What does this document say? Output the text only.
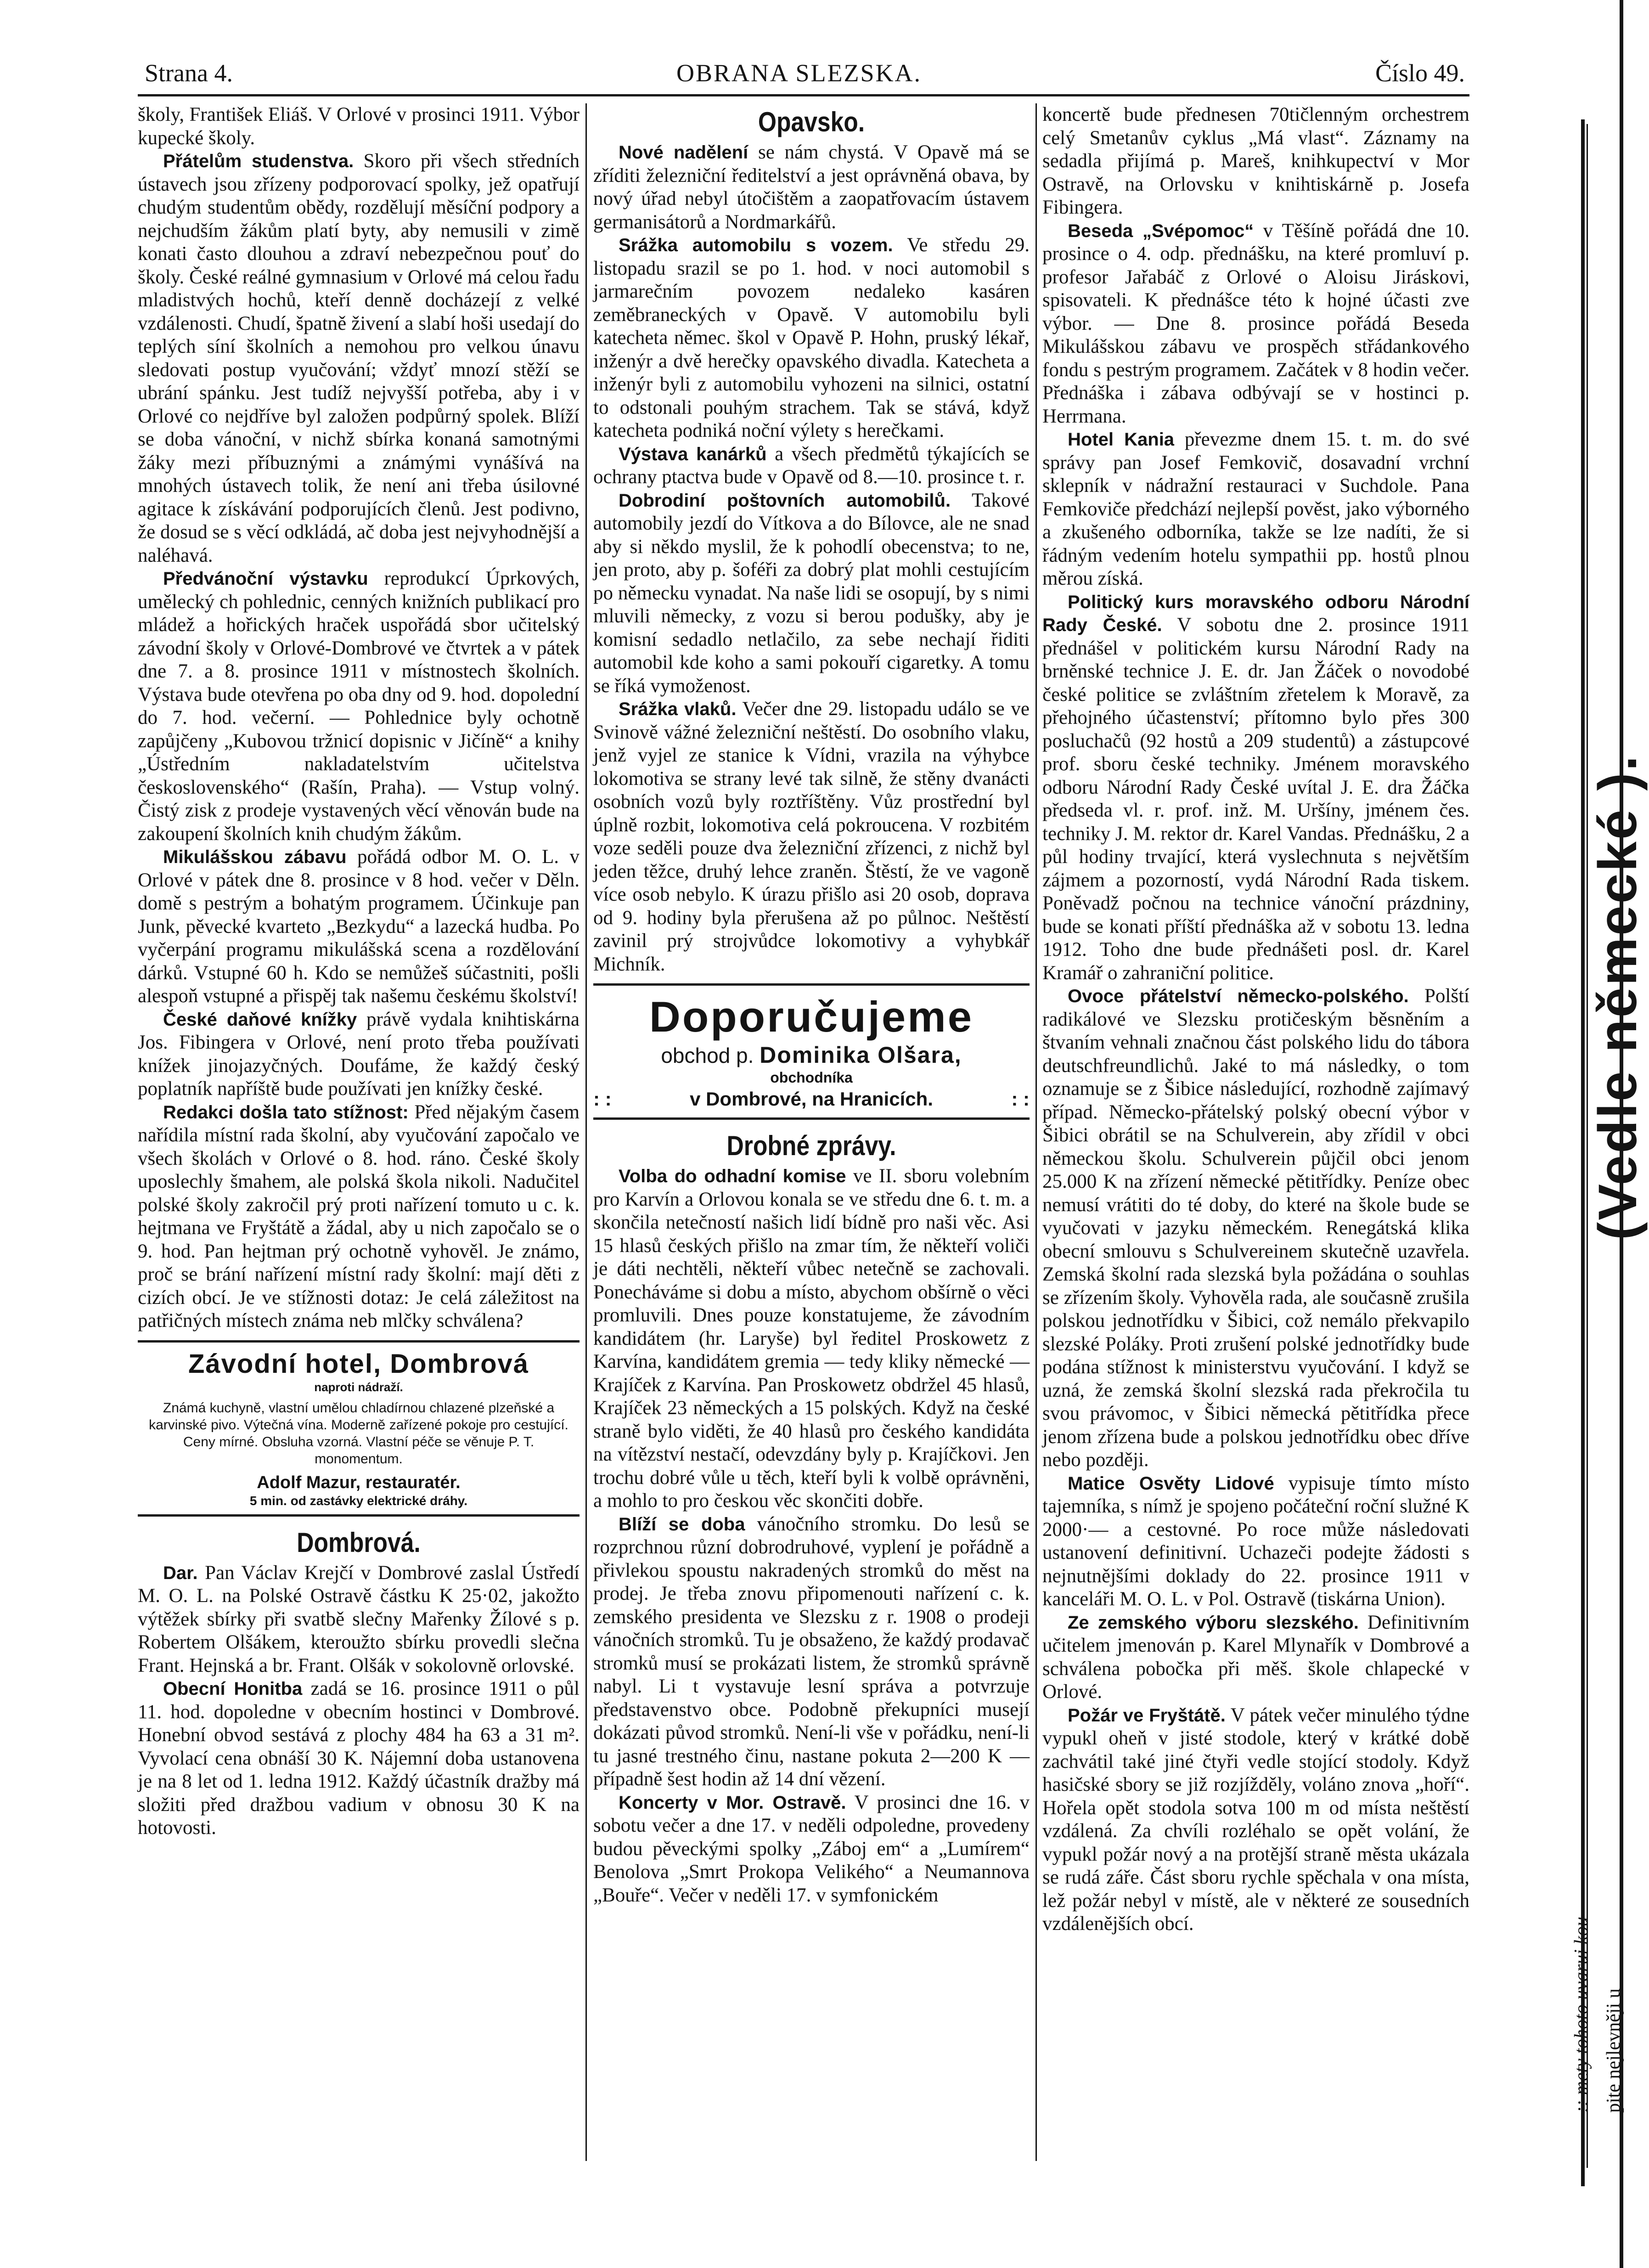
Strana 4.	OBRANA SLEZSKA.	Číslo 49.

školy, František Eliáš. V Orlové v prosinci 1911. Výbor kupecké školy.

Přátelům studenstva. Skoro při všech středních ústavech jsou zřízeny podporovací spolky, jež opatřují chudým studentům obědy, rozdělují měsíční podpory a nejchudším žákům platí byty, aby nemusili v zimě konati často dlouhou a zdraví nebezpečnou pouť do školy. České reálné gymnasium v Orlové má celou řadu mladistvých hochů, kteří denně docházejí z velké vzdálenosti. Chudí, špatně živení a slabí hoši usedají do teplých síní školních a nemohou pro velkou únavu sledovati postup vyučování; vždyť mnozí stěží se ubrání spánku. Jest tudíž nejvyšší potřeba, aby i v Orlové co nejdříve byl založen podpůrný spolek. Blíží se doba vánoční, v nichž sbírka konaná samotnými žáky mezi příbuznými a známými vynášívá na mnohých ústavech tolik, že není ani třeba úsilovné agitace k získávání podporujících členů. Jest podivno, že dosud se s věcí odkládá, ač doba jest nejvyhodnější a naléhavá.

Předvánoční výstavku reprodukcí Úprkových, umělecký ch pohlednic, cenných knižních publikací pro mládež a hořických hraček uspořádá sbor učitelský závodní školy v Orlové-Dombrové ve čtvrtek a v pátek dne 7. a 8. prosince 1911 v místnostech školních. Výstava bude otevřena po oba dny od 9. hod. dopolední do 7. hod. večerní. — Pohlednice byly ochotně zapůjčeny „Kubovou tržnicí dopisnic v Jičíně“ a knihy „Ústředním nakladatelstvím učitelstva československého“ (Rašín, Praha). — Vstup volný. Čistý zisk z prodeje vystavených věcí věnován bude na zakoupení školních knih chudým žákům.

Mikulášskou zábavu pořádá odbor M. O. L. v Orlové v pátek dne 8. prosince v 8 hod. večer v Děln. domě s pestrým a bohatým programem. Účinkuje pan Junk, pěvecké kvarteto „Bezkydu“ a lazecká hudba. Po vyčerpání programu mikulášská scena a rozdělování dárků. Vstupné 60 h. Kdo se nemůžeš súčastniti, pošli alespoň vstupné a přispěj tak našemu českému školství!

České daňové knížky právě vydala knihtiskárna Jos. Fibingera v Orlové, není proto třeba používati knížek jinojazyčných. Doufáme, že každý český poplatník napříště bude používati jen knížky české.

Redakci došla tato stížnost: Před nějakým časem nařídila místní rada školní, aby vyučování započalo ve všech školách v Orlové o 8. hod. ráno. České školy uposlechly šmahem, ale polská škola nikoli. Nadučitel polské školy zakročil prý proti nařízení tomuto u c. k. hejtmana ve Fryštátě a žádal, aby u nich započalo se o 9. hod. Pan hejtman prý ochotně vyhověl. Je známo, proč se brání nařízení místní rady školní: mají děti z cizích obcí. Je ve stížnosti dotaz: Je celá záležitost na patřičných místech známa neb mlčky schválena?

Závodní hotel, Dombrová
naproti nádraží.
Známá kuchyně, vlastní umělou chladírnou chlazené plzeňské a karvinské pivo. Výtečná vína. Moderně zařízené pokoje pro cestující. Ceny mírné. Obsluha vzorná. Vlastní péče se věnuje P. T. monomentum.
Adolf Mazur, restauratér.
5 min. od zastávky elektrické dráhy.

Dombrová.

Dar. Pan Václav Krejčí v Dombrové zaslal Ústředí M. O. L. na Polské Ostravě částku K 25·02, jakožto výtěžek sbírky při svatbě slečny Mařenky Žílové s p. Robertem Olšákem, kteroužto sbírku provedli slečna Frant. Hejnská a br. Frant. Olšák v sokolovně orlovské.

Obecní Honitba zadá se 16. prosince 1911 o půl 11. hod. dopoledne v obecním hostinci v Dombrové. Honební obvod sestává z plochy 484 ha 63 a 31 m². Vyvolací cena obnáší 30 K. Nájemní doba ustanovena je na 8 let od 1. ledna 1912. Každý účastník dražby má složiti před dražbou vadium v obnosu 30 K na hotovosti.

Opavsko.

Nové nadělení se nám chystá. V Opavě má se zříditi železniční ředitelství a jest oprávněná obava, by nový úřad nebyl útočištěm a zaopatřovacím ústavem germanisátorů a Nordmarkářů.

Srážka automobilu s vozem. Ve středu 29. listopadu srazil se po 1. hod. v noci automobil s jarmarečním povozem nedaleko kasáren zeměbraneckých v Opavě. V automobilu byli katecheta němec. škol v Opavě P. Hohn, pruský lékař, inženýr a dvě herečky opavského divadla. Katecheta a inženýr byli z automobilu vyhozeni na silnici, ostatní to odstonali pouhým strachem. Tak se stává, když katecheta podniká noční výlety s herečkami.

Výstava kanárků a všech předmětů týkajících se ochrany ptactva bude v Opavě od 8.—10. prosince t. r.

Dobrodiní poštovních automobilů. Takové automobily jezdí do Vítkova a do Bílovce, ale ne snad aby si někdo myslil, že k pohodlí obecenstva; to ne, jen proto, aby p. šoféři za dobrý plat mohli cestujícím po německu vynadat. Na naše lidi se osopují, by s nimi mluvili německy, z vozu si berou podušky, aby je komisní sedadlo netlačilo, za sebe nechají řiditi automobil kde koho a sami pokouří cigaretky. A tomu se říká vymoženost.

Srážka vlaků. Večer dne 29. listopadu událo se ve Svinově vážné železniční neštěstí. Do osobního vlaku, jenž vyjel ze stanice k Vídni, vrazila na výhybce lokomotiva se strany levé tak silně, že stěny dvanácti osobních vozů byly roztříštěny. Vůz prostřední byl úplně rozbit, lokomotiva celá pokroucena. V rozbitém voze seděli pouze dva železniční zřízenci, z nichž byl jeden těžce, druhý lehce zraněn. Štěstí, že ve vagoně více osob nebylo. K úrazu přišlo asi 20 osob, doprava od 9. hodiny byla přerušena až po půlnoc. Neštěstí zavinil prý strojvůdce lokomotivy a vyhybkář Michník.

Doporučujeme
obchod p. Dominika Olšara,
obchodníka
: :	v Dombrové, na Hranicích.	: :

Drobné zprávy.

Volba do odhadní komise ve II. sboru volebním pro Karvín a Orlovou konala se ve středu dne 6. t. m. a skončila netečností našich lidí bídně pro naši věc. Asi 15 hlasů českých přišlo na zmar tím, že někteří voliči je dáti nechtěli, někteří vůbec netečně se zachovali. Ponecháváme si dobu a místo, abychom obšírně o věci promluvili. Dnes pouze konstatujeme, že závodním kandidátem (hr. Laryše) byl ředitel Proskowetz z Karvína, kandidátem gremia — tedy kliky německé — Krajíček z Karvína. Pan Proskowetz obdržel 45 hlasů, Krajíček 23 německých a 15 polských. Když na české straně bylo viděti, že 40 hlasů pro českého kandidáta na vítězství nestačí, odevzdány byly p. Krajíčkovi. Jen trochu dobré vůle u těch, kteří byli k volbě oprávněni, a mohlo to pro českou věc skončiti dobře.

Blíží se doba vánočního stromku. Do lesů se rozprchnou různí dobrodruhové, vyplení je pořádně a přivlekou spoustu nakradených stromků do měst na prodej. Je třeba znovu připomenouti nařízení c. k. zemského presidenta ve Slezsku z r. 1908 o prodeji vánočních stromků. Tu je obsaženo, že každý prodavač stromků musí se prokázati listem, že stromků správně nabyl. Li t vystavuje lesní správa a potvrzuje představenstvo obce. Podobně překupníci musejí dokázati původ stromků. Není-li vše v pořádku, není-li tu jasné trestného činu, nastane pokuta 2—200 K — případně šest hodin až 14 dní vězení.

Koncerty v Mor. Ostravě. V prosinci dne 16. v sobotu večer a dne 17. v neděli odpoledne, provedeny budou pěveckými spolky „Záboj em“ a „Lumírem“ Benolova „Smrt Prokopa Velikého“ a Neumannova „Bouře“. Večer v neděli 17. v symfonickém

koncertě bude přednesen 70tičlenným orchestrem celý Smetanův cyklus „Má vlast“. Záznamy na sedadla přijímá p. Mareš, knihkupectví v Mor Ostravě, na Orlovsku v knihtiskárně p. Josefa Fibingera.

Beseda „Svépomoc“ v Těšíně pořádá dne 10. prosince o 4. odp. přednášku, na které promluví p. profesor Jařabáč z Orlové o Aloisu Jiráskovi, spisovateli. K přednášce této k hojné účasti zve výbor. — Dne 8. prosince pořádá Beseda Mikulášskou zábavu ve prospěch střádankového fondu s pestrým programem. Začátek v 8 hodin večer. Přednáška i zábava odbývají se v hostinci p. Herrmana.

Hotel Kania převezme dnem 15. t. m. do své správy pan Josef Femkovič, dosavadní vrchní sklepník v nádražní restauraci v Suchdole. Pana Femkoviče předchází nejlepší pověst, jako výborného a zkušeného odborníka, takže se lze nadíti, že si řádným vedením hotelu sympathii pp. hostů plnou měrou získá.

Politický kurs moravského odboru Národní Rady České. V sobotu dne 2. prosince 1911 přednášel v politickém kursu Národní Rady na brněnské technice J. E. dr. Jan Žáček o novodobé české politice se zvláštním zřetelem k Moravě, za přehojného účastenství; přítomno bylo přes 300 posluchačů (92 hostů a 209 studentů) a zástupcové prof. sboru české techniky. Jménem moravského odboru Národní Rady České uvítal J. E. dra Žáčka předseda vl. r. prof. inž. M. Uršíny, jménem čes. techniky J. M. rektor dr. Karel Vandas. Přednášku, 2 a půl hodiny trvající, která vyslechnuta s největším zájmem a pozorností, vydá Národní Rada tiskem. Poněvadž počnou na technice vánoční prázdniny, bude se konati příští přednáška až v sobotu 13. ledna 1912. Toho dne bude přednášeti posl. dr. Karel Kramář o zahraniční politice.

Ovoce přátelství německo-polského. Polští radikálové ve Slezsku protičeským běsněním a štvaním vehnali značnou část polského lidu do tábora deutschfreundlichů. Jaké to má následky, o tom oznamuje se z Šibice následující, rozhodně zajímavý případ. Německo-přátelský polský obecní výbor v Šibici obrátil se na Schulverein, aby zřídil v obci německou školu. Schulverein půjčil obci jenom 25.000 K na zřízení německé pětitřídky. Peníze obec nemusí vrátiti do té doby, do které na škole bude se vyučovati v jazyku německém. Renegátská klika obecní smlouvu s Schulvereinem skutečně uzavřela. Zemská školní rada slezská byla požádána o souhlas se zřízením školy. Vyhověla rada, ale současně zrušila polskou jednotřídku v Šibici, což nemálo překvapilo slezské Poláky. Proti zrušení polské jednotřídky bude podána stížnost k ministerstvu vyučování. I když se uzná, že zemská školní slezská rada překročila tu svou právomoc, v Šibici německá pětitřídka přece jenom zřízena bude a polskou jednotřídku obec dříve nebo později.

Matice Osvěty Lidové vypisuje tímto místo tajemníka, s nímž je spojeno počáteční roční služné K 2000·— a cestovné. Po roce může následovati ustanovení definitivní. Uchazeči podejte žádosti s nejnutnějšími doklady do 22. prosince 1911 v kanceláři M. O. L. v Pol. Ostravě (tiskárna Union).

Ze zemského výboru slezského. Definitivním učitelem jmenován p. Karel Mlynařík v Dombrové a schválena pobočka při měš. škole chlapecké v Orlové.

Požár ve Fryštátě. V pátek večer minulého týdne vypukl oheň v jisté stodole, který v krátké době zachvátil také jiné čtyři vedle stojící stodoly. Když hasičské sbory se již rozjížděly, voláno znova „hoří“. Hořela opět stodola sotva 100 m od místa neštěstí vzdálená. Za chvíli rozléhalo se opět volání, že vypukl požár nový a na protější straně města ukázala se rudá záře. Část sboru rychle spěchala v ona místa, lež požár nebyl v místě, ale v některé ze sousedních vzdálenějších obcí.

(Vedle německé ).
:: mety tohoto uvarui kou- pite nejlevněji u
